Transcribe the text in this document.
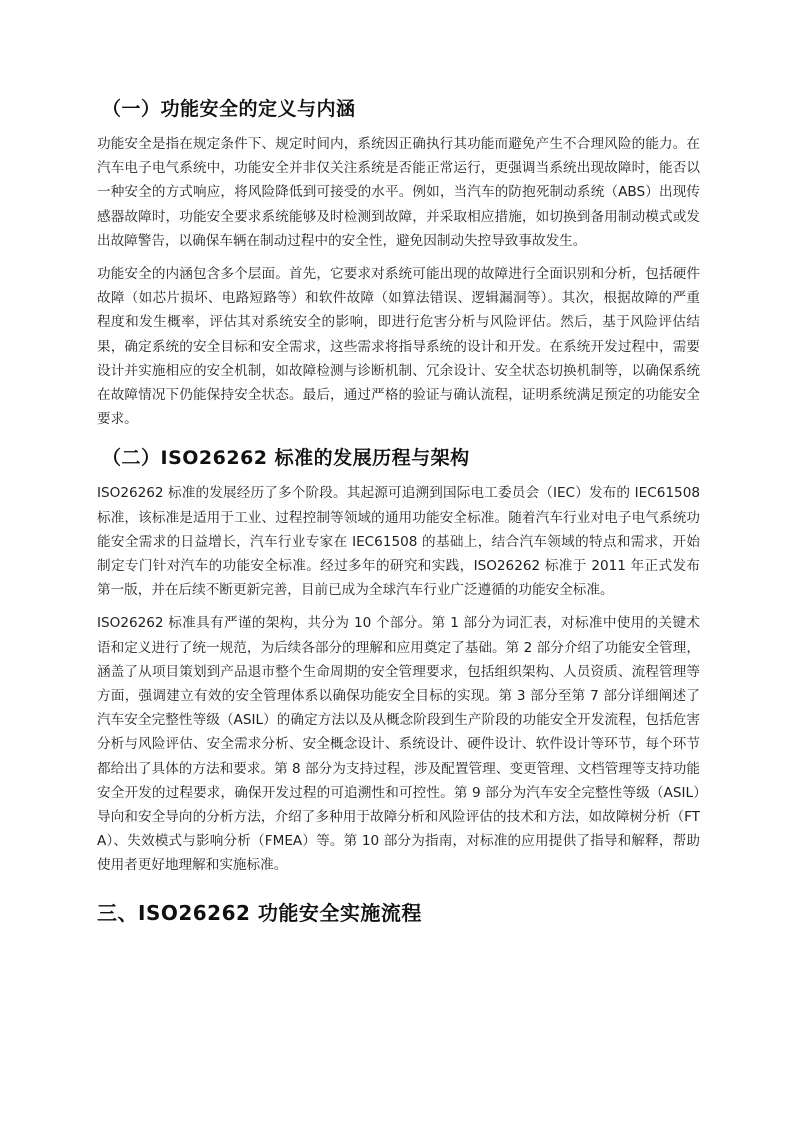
（一）功能安全的定义与内涵

功能安全是指在规定条件下、规定时间内，系统因正确执行其功能而避免产生不合理风险的能力。在汽车电子电气系统中，功能安全并非仅关注系统是否能正常运行，更强调当系统出现故障时，能否以一种安全的方式响应，将风险降低到可接受的水平。例如，当汽车的防抱死制动系统（ABS）出现传感器故障时，功能安全要求系统能够及时检测到故障，并采取相应措施，如切换到备用制动模式或发出故障警告，以确保车辆在制动过程中的安全性，避免因制动失控导致事故发生。

功能安全的内涵包含多个层面。首先，它要求对系统可能出现的故障进行全面识别和分析，包括硬件故障（如芯片损坏、电路短路等）和软件故障（如算法错误、逻辑漏洞等）。其次，根据故障的严重程度和发生概率，评估其对系统安全的影响，即进行危害分析与风险评估。然后，基于风险评估结果，确定系统的安全目标和安全需求，这些需求将指导系统的设计和开发。在系统开发过程中，需要设计并实施相应的安全机制，如故障检测与诊断机制、冗余设计、安全状态切换机制等，以确保系统在故障情况下仍能保持安全状态。最后，通过严格的验证与确认流程，证明系统满足预定的功能安全要求。

（二）ISO26262 标准的发展历程与架构

ISO26262 标准的发展经历了多个阶段。其起源可追溯到国际电工委员会（IEC）发布的 IEC61508 标准，该标准是适用于工业、过程控制等领域的通用功能安全标准。随着汽车行业对电子电气系统功能安全需求的日益增长，汽车行业专家在 IEC61508 的基础上，结合汽车领域的特点和需求，开始制定专门针对汽车的功能安全标准。经过多年的研究和实践，ISO26262 标准于 2011 年正式发布第一版，并在后续不断更新完善，目前已成为全球汽车行业广泛遵循的功能安全标准。

ISO26262 标准具有严谨的架构，共分为 10 个部分。第 1 部分为词汇表，对标准中使用的关键术语和定义进行了统一规范，为后续各部分的理解和应用奠定了基础。第 2 部分介绍了功能安全管理，涵盖了从项目策划到产品退市整个生命周期的安全管理要求，包括组织架构、人员资质、流程管理等方面，强调建立有效的安全管理体系以确保功能安全目标的实现。第 3 部分至第 7 部分详细阐述了汽车安全完整性等级（ASIL）的确定方法以及从概念阶段到生产阶段的功能安全开发流程，包括危害分析与风险评估、安全需求分析、安全概念设计、系统设计、硬件设计、软件设计等环节，每个环节都给出了具体的方法和要求。第 8 部分为支持过程，涉及配置管理、变更管理、文档管理等支持功能安全开发的过程要求，确保开发过程的可追溯性和可控性。第 9 部分为汽车安全完整性等级（ASIL）导向和安全导向的分析方法，介绍了多种用于故障分析和风险评估的技术和方法，如故障树分析（FTA）、失效模式与影响分析（FMEA）等。第 10 部分为指南，对标准的应用提供了指导和解释，帮助使用者更好地理解和实施标准。

三、ISO26262 功能安全实施流程
